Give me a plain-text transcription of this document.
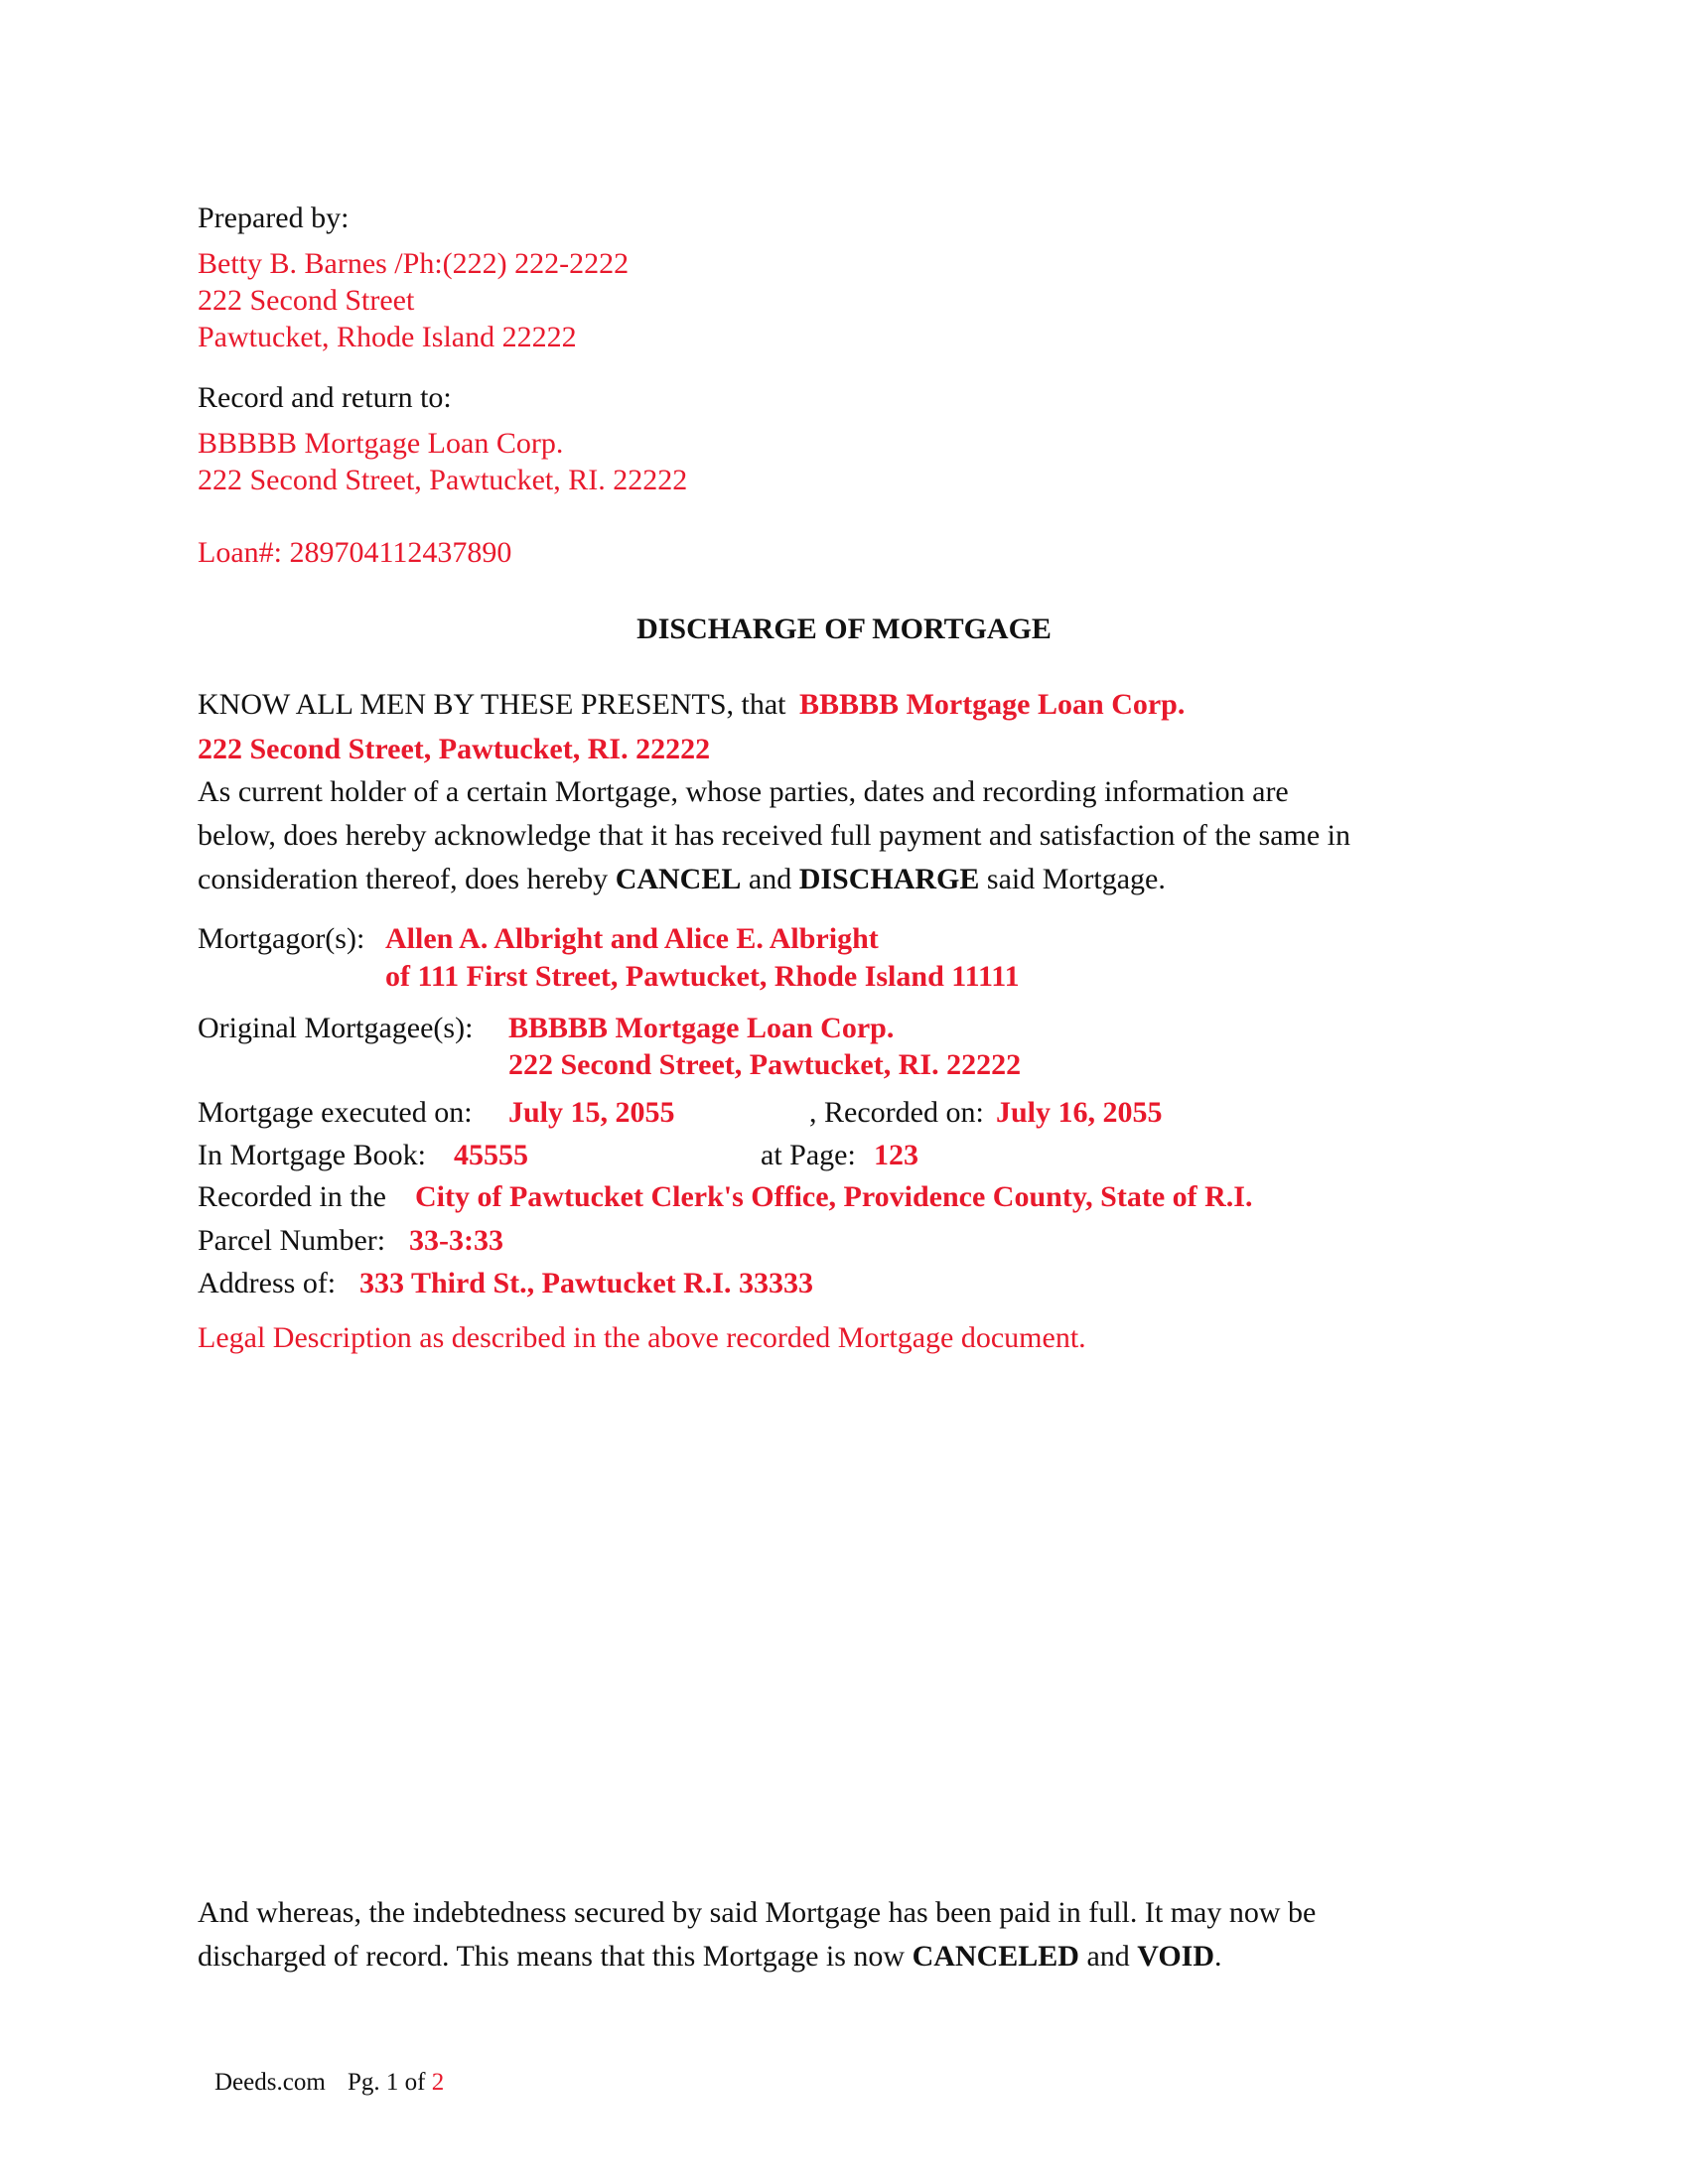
Prepared by:
Betty B. Barnes /Ph:(222) 222-2222
222 Second Street
Pawtucket, Rhode Island 22222
Record and return to:
BBBBB Mortgage Loan Corp.
222 Second Street, Pawtucket, RI. 22222
Loan#: 289704112437890
DISCHARGE OF MORTGAGE
KNOW ALL MEN BY THESE PRESENTS, that BBBBB Mortgage Loan Corp.
222 Second Street, Pawtucket, RI. 22222
As current holder of a certain Mortgage, whose parties, dates and recording information are
below, does hereby acknowledge that it has received full payment and satisfaction of the same in
consideration thereof, does hereby CANCEL and DISCHARGE said Mortgage.
Mortgagor(s): Allen A. Albright and Alice E. Albright
of 111 First Street, Pawtucket, Rhode Island 11111
Original Mortgagee(s): BBBBB Mortgage Loan Corp.
222 Second Street, Pawtucket, RI. 22222
Mortgage executed on: July 15, 2055	, Recorded on: July 16, 2055
In Mortgage Book: 45555	at Page: 123
Recorded in the City of Pawtucket Clerk's Office, Providence County, State of R.I.
Parcel Number: 33-3:33
Address of: 333 Third St., Pawtucket R.I. 33333
Legal Description as described in the above recorded Mortgage document.
And whereas, the indebtedness secured by said Mortgage has been paid in full. It may now be
discharged of record. This means that this Mortgage is now CANCELED and VOID.
Deeds.com Pg. 1 of 2
